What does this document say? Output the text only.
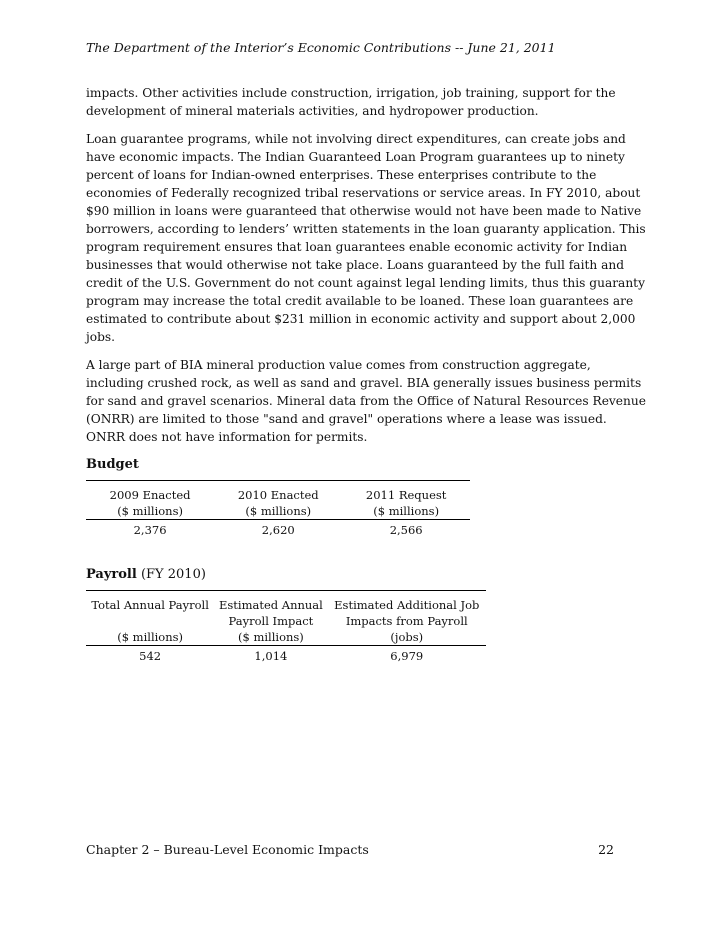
The Department of the Interior’s Economic Contributions -- June 21, 2011

impacts. Other activities include construction, irrigation, job training, support for the development of mineral materials activities, and hydropower production.

Loan guarantee programs, while not involving direct expenditures, can create jobs and have economic impacts. The Indian Guaranteed Loan Program guarantees up to ninety percent of loans for Indian-owned enterprises. These enterprises contribute to the economies of Federally recognized tribal reservations or service areas. In FY 2010, about $90 million in loans were guaranteed that otherwise would not have been made to Native borrowers, according to lenders’ written statements in the loan guaranty application. This program requirement ensures that loan guarantees enable economic activity for Indian businesses that would otherwise not take place. Loans guaranteed by the full faith and credit of the U.S. Government do not count against legal lending limits, thus this guaranty program may increase the total credit available to be loaned. These loan guarantees are estimated to contribute about $231 million in economic activity and support about 2,000 jobs.

A large part of BIA mineral production value comes from construction aggregate, including crushed rock, as well as sand and gravel. BIA generally issues business permits for sand and gravel scenarios. Mineral data from the Office of Natural Resources Revenue (ONRR) are limited to those "sand and gravel" operations where a lease was issued. ONRR does not have information for permits.

Budget
2009 Enacted	2010 Enacted	2011 Request
($ millions)	($ millions)	($ millions)
2,376	2,620	2,566
Payroll (FY 2010)
Total Annual Payroll	Estimated Annual	Estimated Additional Job
	Payroll Impact	Impacts from Payroll
($ millions)	($ millions)	(jobs)
542	1,014	6,979
Chapter 2 – Bureau-Level Economic Impacts	22
